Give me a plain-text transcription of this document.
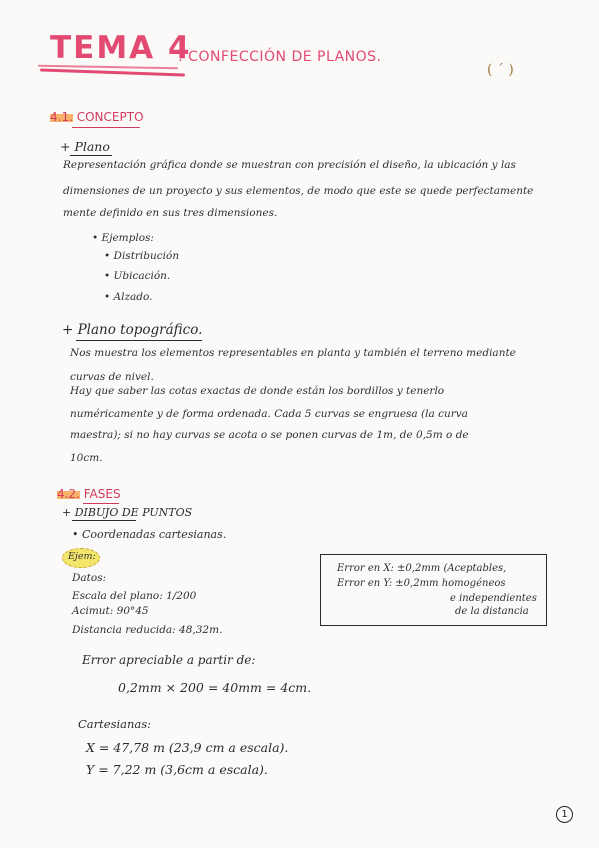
TEMA 4
: CONFECCIÓN DE PLANOS.
( ˊ )
4.1. CONCEPTO
+ Plano
Representación gráfica donde se muestran con precisión el diseño, la ubicación y las
dimensiones de un proyecto y sus elementos, de modo que este se quede perfectamente
mente definido en sus tres dimensiones.
• Ejemplos:
• Distribución
• Ubicación.
• Alzado.
+ Plano topográfico.
Nos muestra los elementos representables en planta y también el terreno mediante
curvas de nivel.
Hay que saber las cotas exactas de donde están los bordillos y tenerlo
numéricamente y de forma ordenada. Cada 5 curvas se engruesa (la curva
maestra); si no hay curvas se acota o se ponen curvas de 1m, de 0,5m o de
10cm.
4.2. FASES
+ DIBUJO DE PUNTOS
• Coordenadas cartesianas.
Ejem:
Datos:
Escala del plano: 1/200
Acimut: 90°45
Distancia reducida: 48,32m.
Error en X: ±0,2mm (Aceptables,
Error en Y: ±0,2mm homogéneos
e independientes
de la distancia
Error apreciable a partir de:
0,2mm × 200 = 40mm = 4cm.
Cartesianas:
X = 47,78 m (23,9 cm a escala).
Y = 7,22 m (3,6cm a escala).
1
